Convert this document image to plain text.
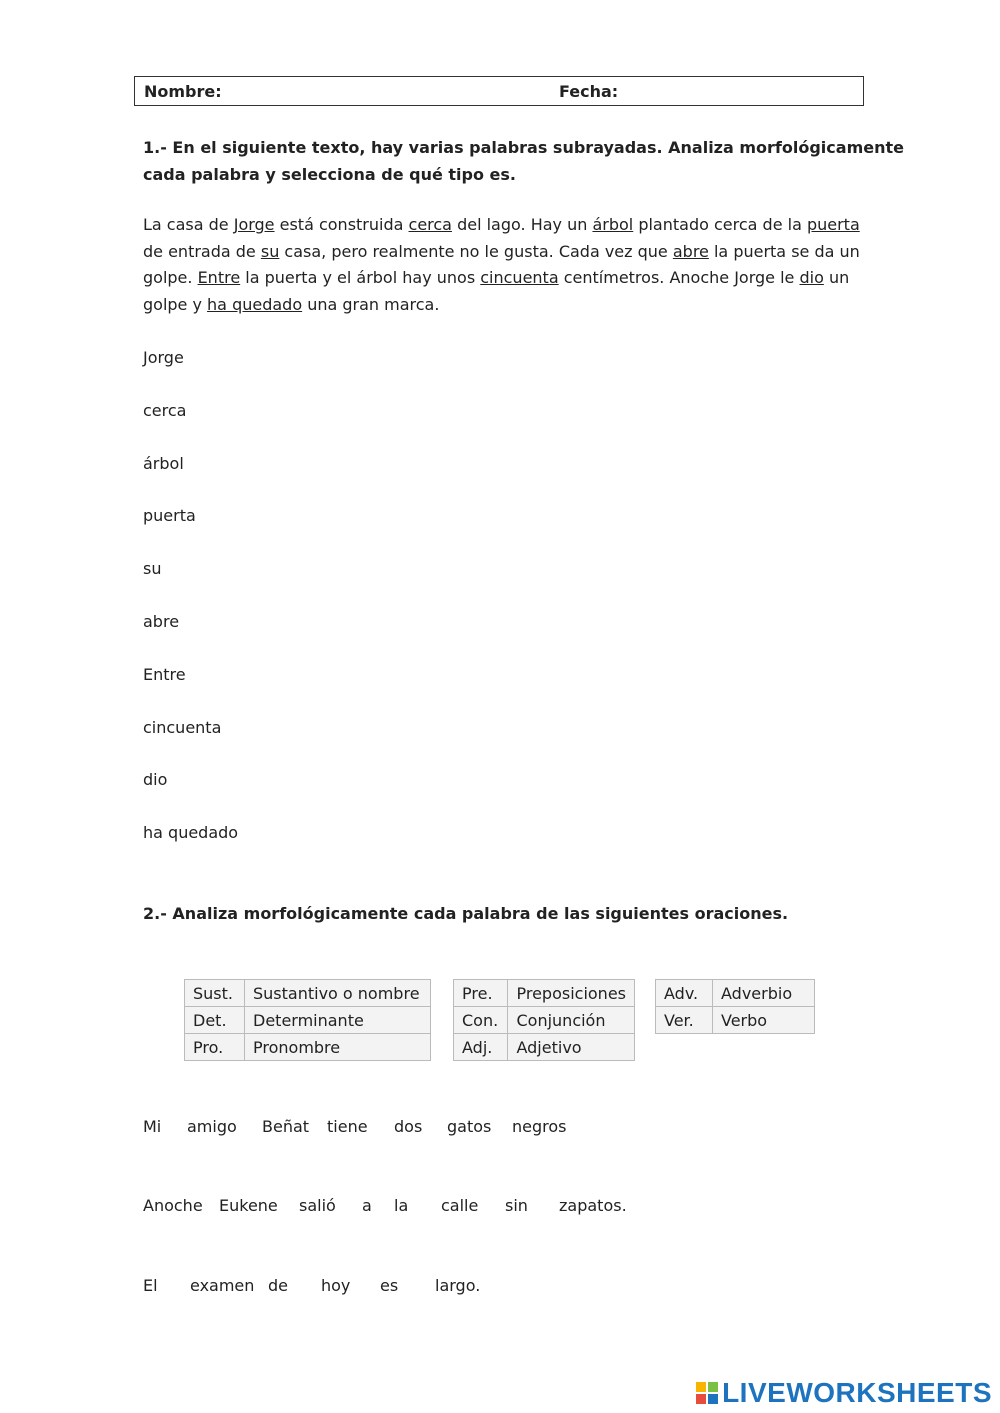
Nombre:	Fecha:
1.- En el siguiente texto, hay varias palabras subrayadas. Analiza morfológicamente
cada palabra y selecciona de qué tipo es.
La casa de Jorge está construida cerca del lago. Hay un árbol plantado cerca de la puerta de entrada de su casa, pero realmente no le gusta. Cada vez que abre la puerta se da un golpe. Entre la puerta y el árbol hay unos cincuenta centímetros. Anoche Jorge le dio un golpe y ha quedado una gran marca.
Jorge
cerca
árbol
puerta
su
abre
Entre
cincuenta
dio
ha quedado
2.- Analiza morfológicamente cada palabra de las siguientes oraciones.
Sust.	Sustantivo o nombre
Det.	Determinante
Pro.	Pronombre
Pre.	Preposiciones
Con.	Conjunción
Adj.	Adjetivo
Adv.	Adverbio
Ver.	Verbo
Mi amigo Beñat tiene dos gatos negros
Anoche Eukene salió a la calle sin zapatos.
El examen de hoy es largo.
LIVEWORKSHEETS
